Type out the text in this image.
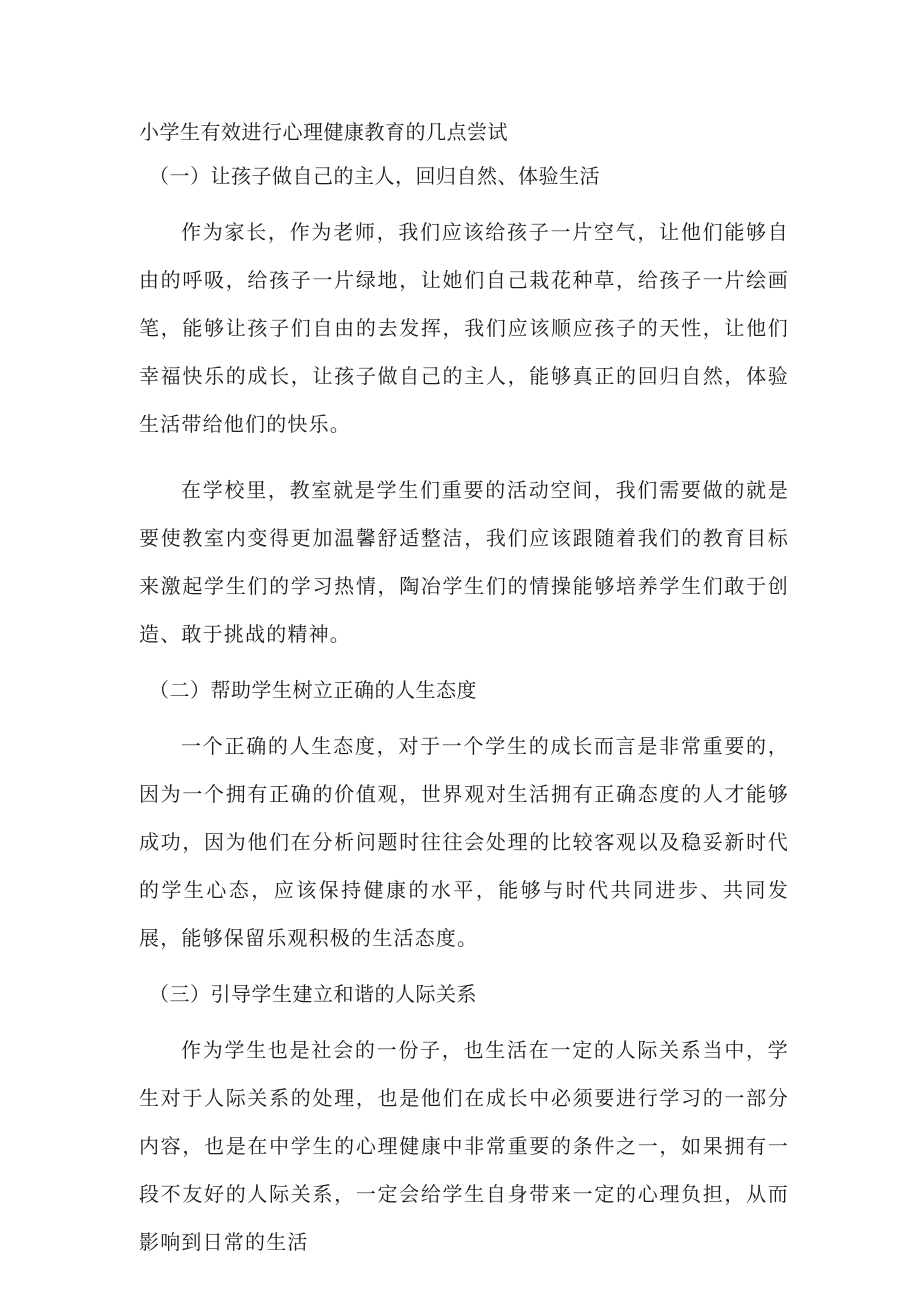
小学生有效进行心理健康教育的几点尝试
（一）让孩子做自己的主人，回归自然、体验生活

作为家长，作为老师，我们应该给孩子一片空气，让他们能够自由的呼吸，给孩子一片绿地，让她们自己栽花种草，给孩子一片绘画笔，能够让孩子们自由的去发挥，我们应该顺应孩子的天性，让他们幸福快乐的成长，让孩子做自己的主人，能够真正的回归自然，体验生活带给他们的快乐。

在学校里，教室就是学生们重要的活动空间，我们需要做的就是要使教室内变得更加温馨舒适整洁，我们应该跟随着我们的教育目标来激起学生们的学习热情，陶冶学生们的情操能够培养学生们敢于创造、敢于挑战的精神。

（二）帮助学生树立正确的人生态度

一个正确的人生态度，对于一个学生的成长而言是非常重要的，因为一个拥有正确的价值观，世界观对生活拥有正确态度的人才能够成功，因为他们在分析问题时往往会处理的比较客观以及稳妥新时代的学生心态，应该保持健康的水平，能够与时代共同进步、共同发展，能够保留乐观积极的生活态度。

（三）引导学生建立和谐的人际关系

作为学生也是社会的一份子，也生活在一定的人际关系当中，学生对于人际关系的处理，也是他们在成长中必须要进行学习的一部分内容，也是在中学生的心理健康中非常重要的条件之一，如果拥有一段不友好的人际关系，一定会给学生自身带来一定的心理负担，从而影响到日常的生活
